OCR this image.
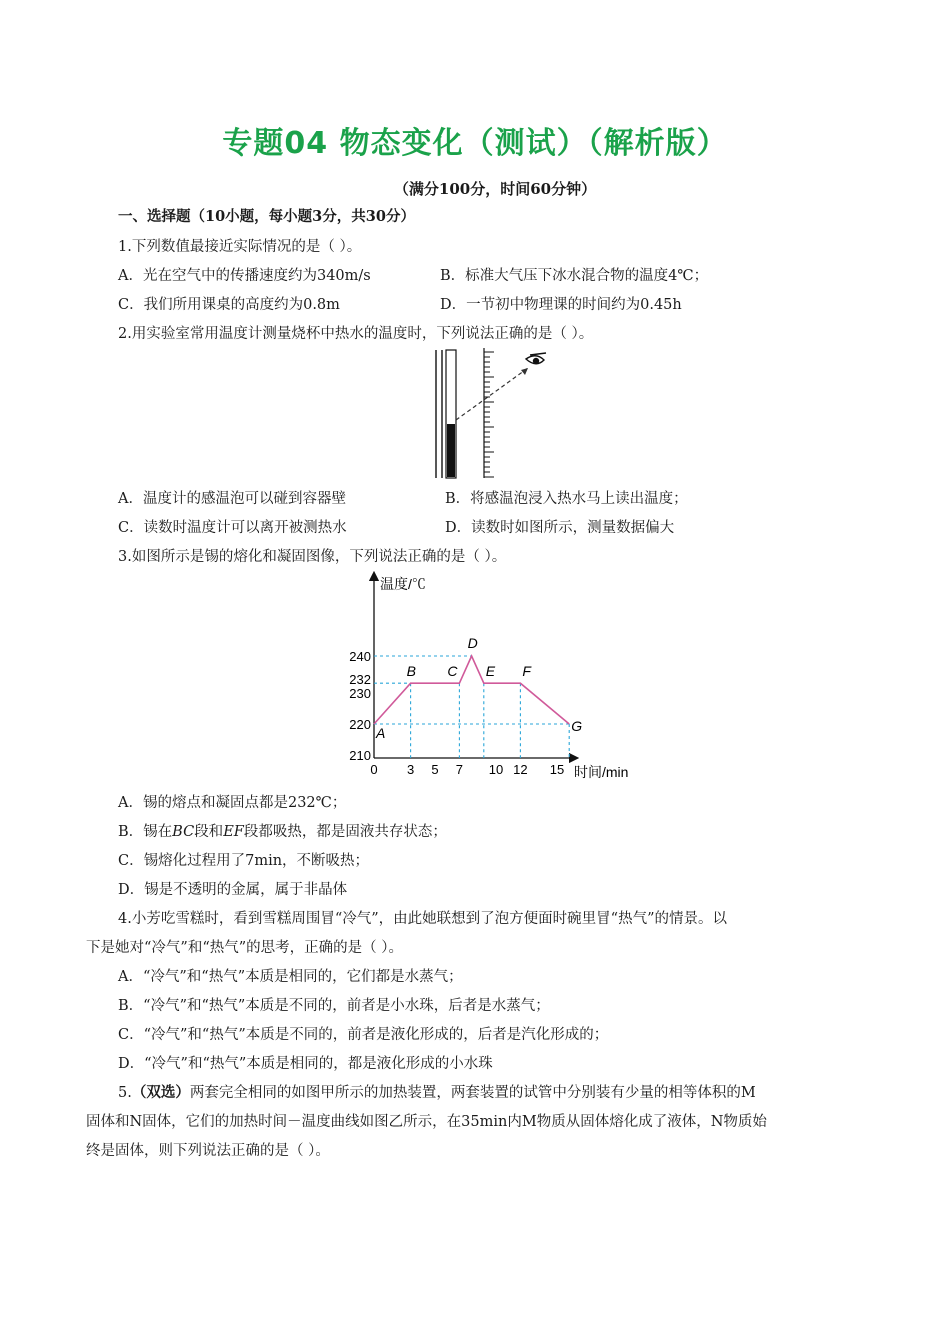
专题04 物态变化（测试）（解析版）
（满分100分，时间60分钟）
一、选择题（10小题，每小题3分，共30分）
1.下列数值最接近实际情况的是（ ）。
A．光在空气中的传播速度约为340m/s	B．标准大气压下冰水混合物的温度4℃；
C．我们所用课桌的高度约为0.8m	D．一节初中物理课的时间约为0.45h
2.用实验室常用温度计测量烧杯中热水的温度时，下列说法正确的是（ ）。
A．温度计的感温泡可以碰到容器壁	B．将感温泡浸入热水马上读出温度；
C．读数时温度计可以离开被测热水	D．读数时如图所示，测量数据偏大
3.如图所示是锡的熔化和凝固图像，下列说法正确的是（ ）。
温度/℃
时间/min
0 3 5 7 10 12 15
210
220
230
232
240
A
B C
D
E F
G
A．锡的熔点和凝固点都是232℃；
B．锡在BC段和EF段都吸热，都是固液共存状态；
C．锡熔化过程用了7min，不断吸热；
D．锡是不透明的金属，属于非晶体
4.小芳吃雪糕时，看到雪糕周围冒“冷气”，由此她联想到了泡方便面时碗里冒“热气”的情景。以
下是她对“冷气”和“热气”的思考，正确的是（ ）。
A．“冷气”和“热气”本质是相同的，它们都是水蒸气；
B．“冷气”和“热气”本质是不同的，前者是小水珠，后者是水蒸气；
C．“冷气”和“热气”本质是不同的，前者是液化形成的，后者是汽化形成的；
D．“冷气”和“热气”本质是相同的，都是液化形成的小水珠
5.（双选）两套完全相同的如图甲所示的加热装置，两套装置的试管中分别装有少量的相等体积的M
固体和N固体，它们的加热时间－温度曲线如图乙所示，在35min内M物质从固体熔化成了液体，N物质始
终是固体，则下列说法正确的是（ ）。
